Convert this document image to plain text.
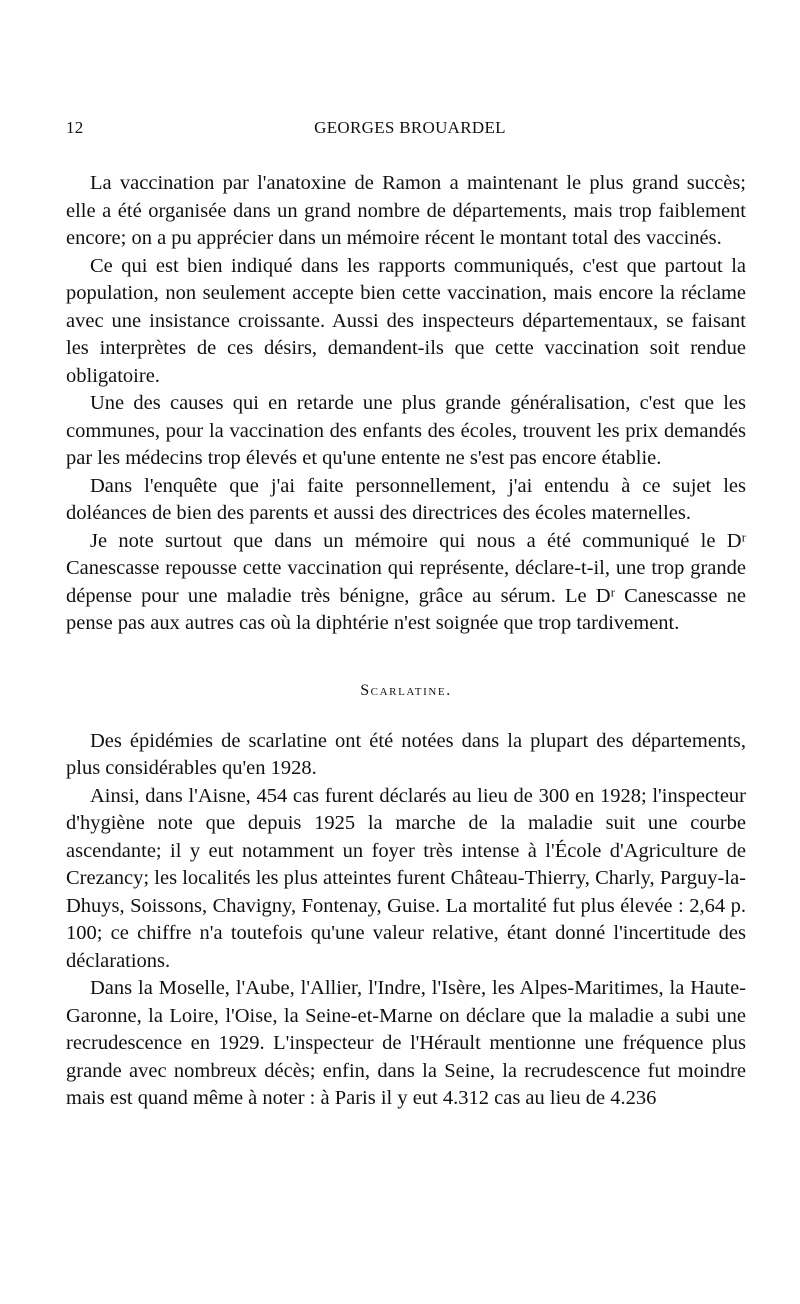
12	GEORGES BROUARDEL

La vaccination par l'anatoxine de Ramon a maintenant le plus grand succès; elle a été organisée dans un grand nombre de départements, mais trop faiblement encore; on a pu apprécier dans un mémoire récent le montant total des vaccinés.

Ce qui est bien indiqué dans les rapports communiqués, c'est que partout la population, non seulement accepte bien cette vaccination, mais encore la réclame avec une insistance croissante. Aussi des inspecteurs départementaux, se faisant les interprètes de ces désirs, demandent-ils que cette vaccination soit rendue obligatoire.

Une des causes qui en retarde une plus grande généralisation, c'est que les communes, pour la vaccination des enfants des écoles, trouvent les prix demandés par les médecins trop élevés et qu'une entente ne s'est pas encore établie.

Dans l'enquête que j'ai faite personnellement, j'ai entendu à ce sujet les doléances de bien des parents et aussi des directrices des écoles maternelles.

Je note surtout que dans un mémoire qui nous a été communiqué le Dʳ Canescasse repousse cette vaccination qui représente, déclare-t-il, une trop grande dépense pour une maladie très bénigne, grâce au sérum. Le Dʳ Canescasse ne pense pas aux autres cas où la diphtérie n'est soignée que trop tardivement.

Scarlatine.

Des épidémies de scarlatine ont été notées dans la plupart des départements, plus considérables qu'en 1928.

Ainsi, dans l'Aisne, 454 cas furent déclarés au lieu de 300 en 1928; l'inspecteur d'hygiène note que depuis 1925 la marche de la maladie suit une courbe ascendante; il y eut notamment un foyer très intense à l'École d'Agriculture de Crezancy; les localités les plus atteintes furent Château-Thierry, Charly, Parguy-la-Dhuys, Soissons, Chavigny, Fontenay, Guise. La mortalité fut plus élevée : 2,64 p. 100; ce chiffre n'a toutefois qu'une valeur relative, étant donné l'incertitude des déclarations.

Dans la Moselle, l'Aube, l'Allier, l'Indre, l'Isère, les Alpes-Maritimes, la Haute-Garonne, la Loire, l'Oise, la Seine-et-Marne on déclare que la maladie a subi une recrudescence en 1929. L'inspecteur de l'Hérault mentionne une fréquence plus grande avec nombreux décès; enfin, dans la Seine, la recrudescence fut moindre mais est quand même à noter : à Paris il y eut 4.312 cas au lieu de 4.236
